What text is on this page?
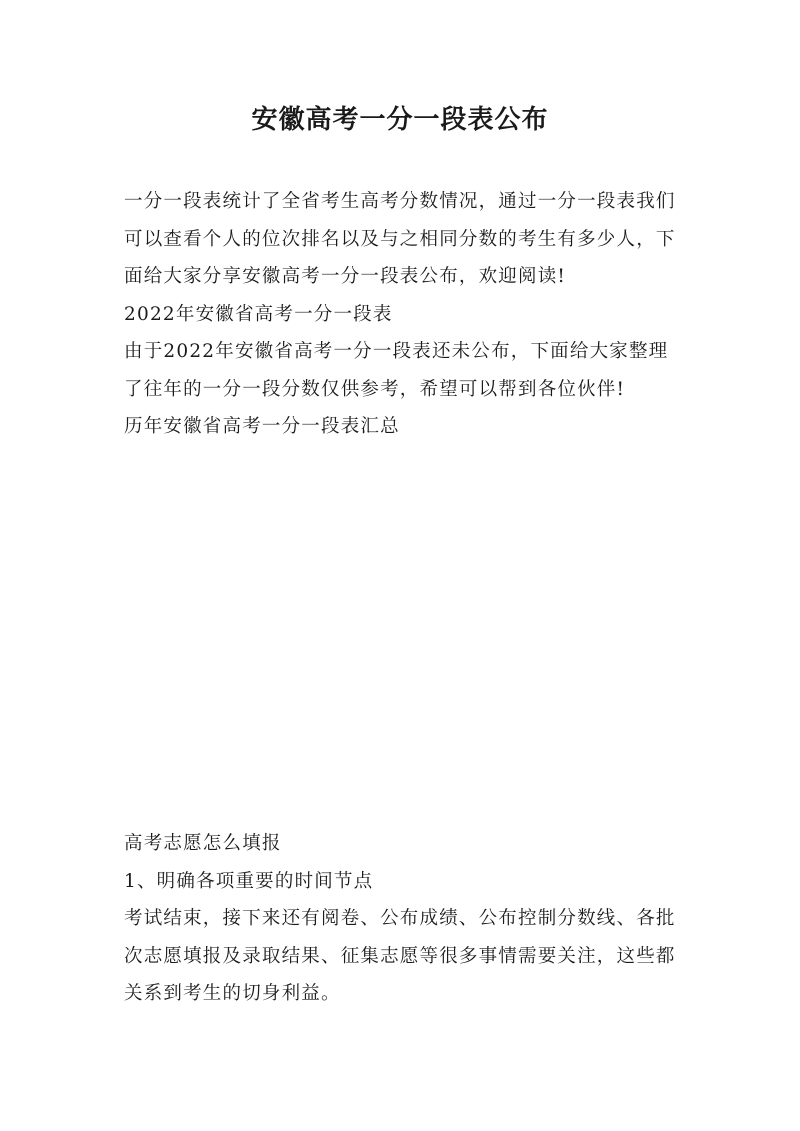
安徽高考一分一段表公布

一分一段表统计了全省考生高考分数情况，通过一分一段表我们可以查看个人的位次排名以及与之相同分数的考生有多少人，下面给大家分享安徽高考一分一段表公布，欢迎阅读!

2022年安徽省高考一分一段表

由于2022年安徽省高考一分一段表还未公布，下面给大家整理了往年的一分一段分数仅供参考，希望可以帮到各位伙伴!

历年安徽省高考一分一段表汇总

高考志愿怎么填报

1、明确各项重要的时间节点

考试结束，接下来还有阅卷、公布成绩、公布控制分数线、各批次志愿填报及录取结果、征集志愿等很多事情需要关注，这些都关系到考生的切身利益。
